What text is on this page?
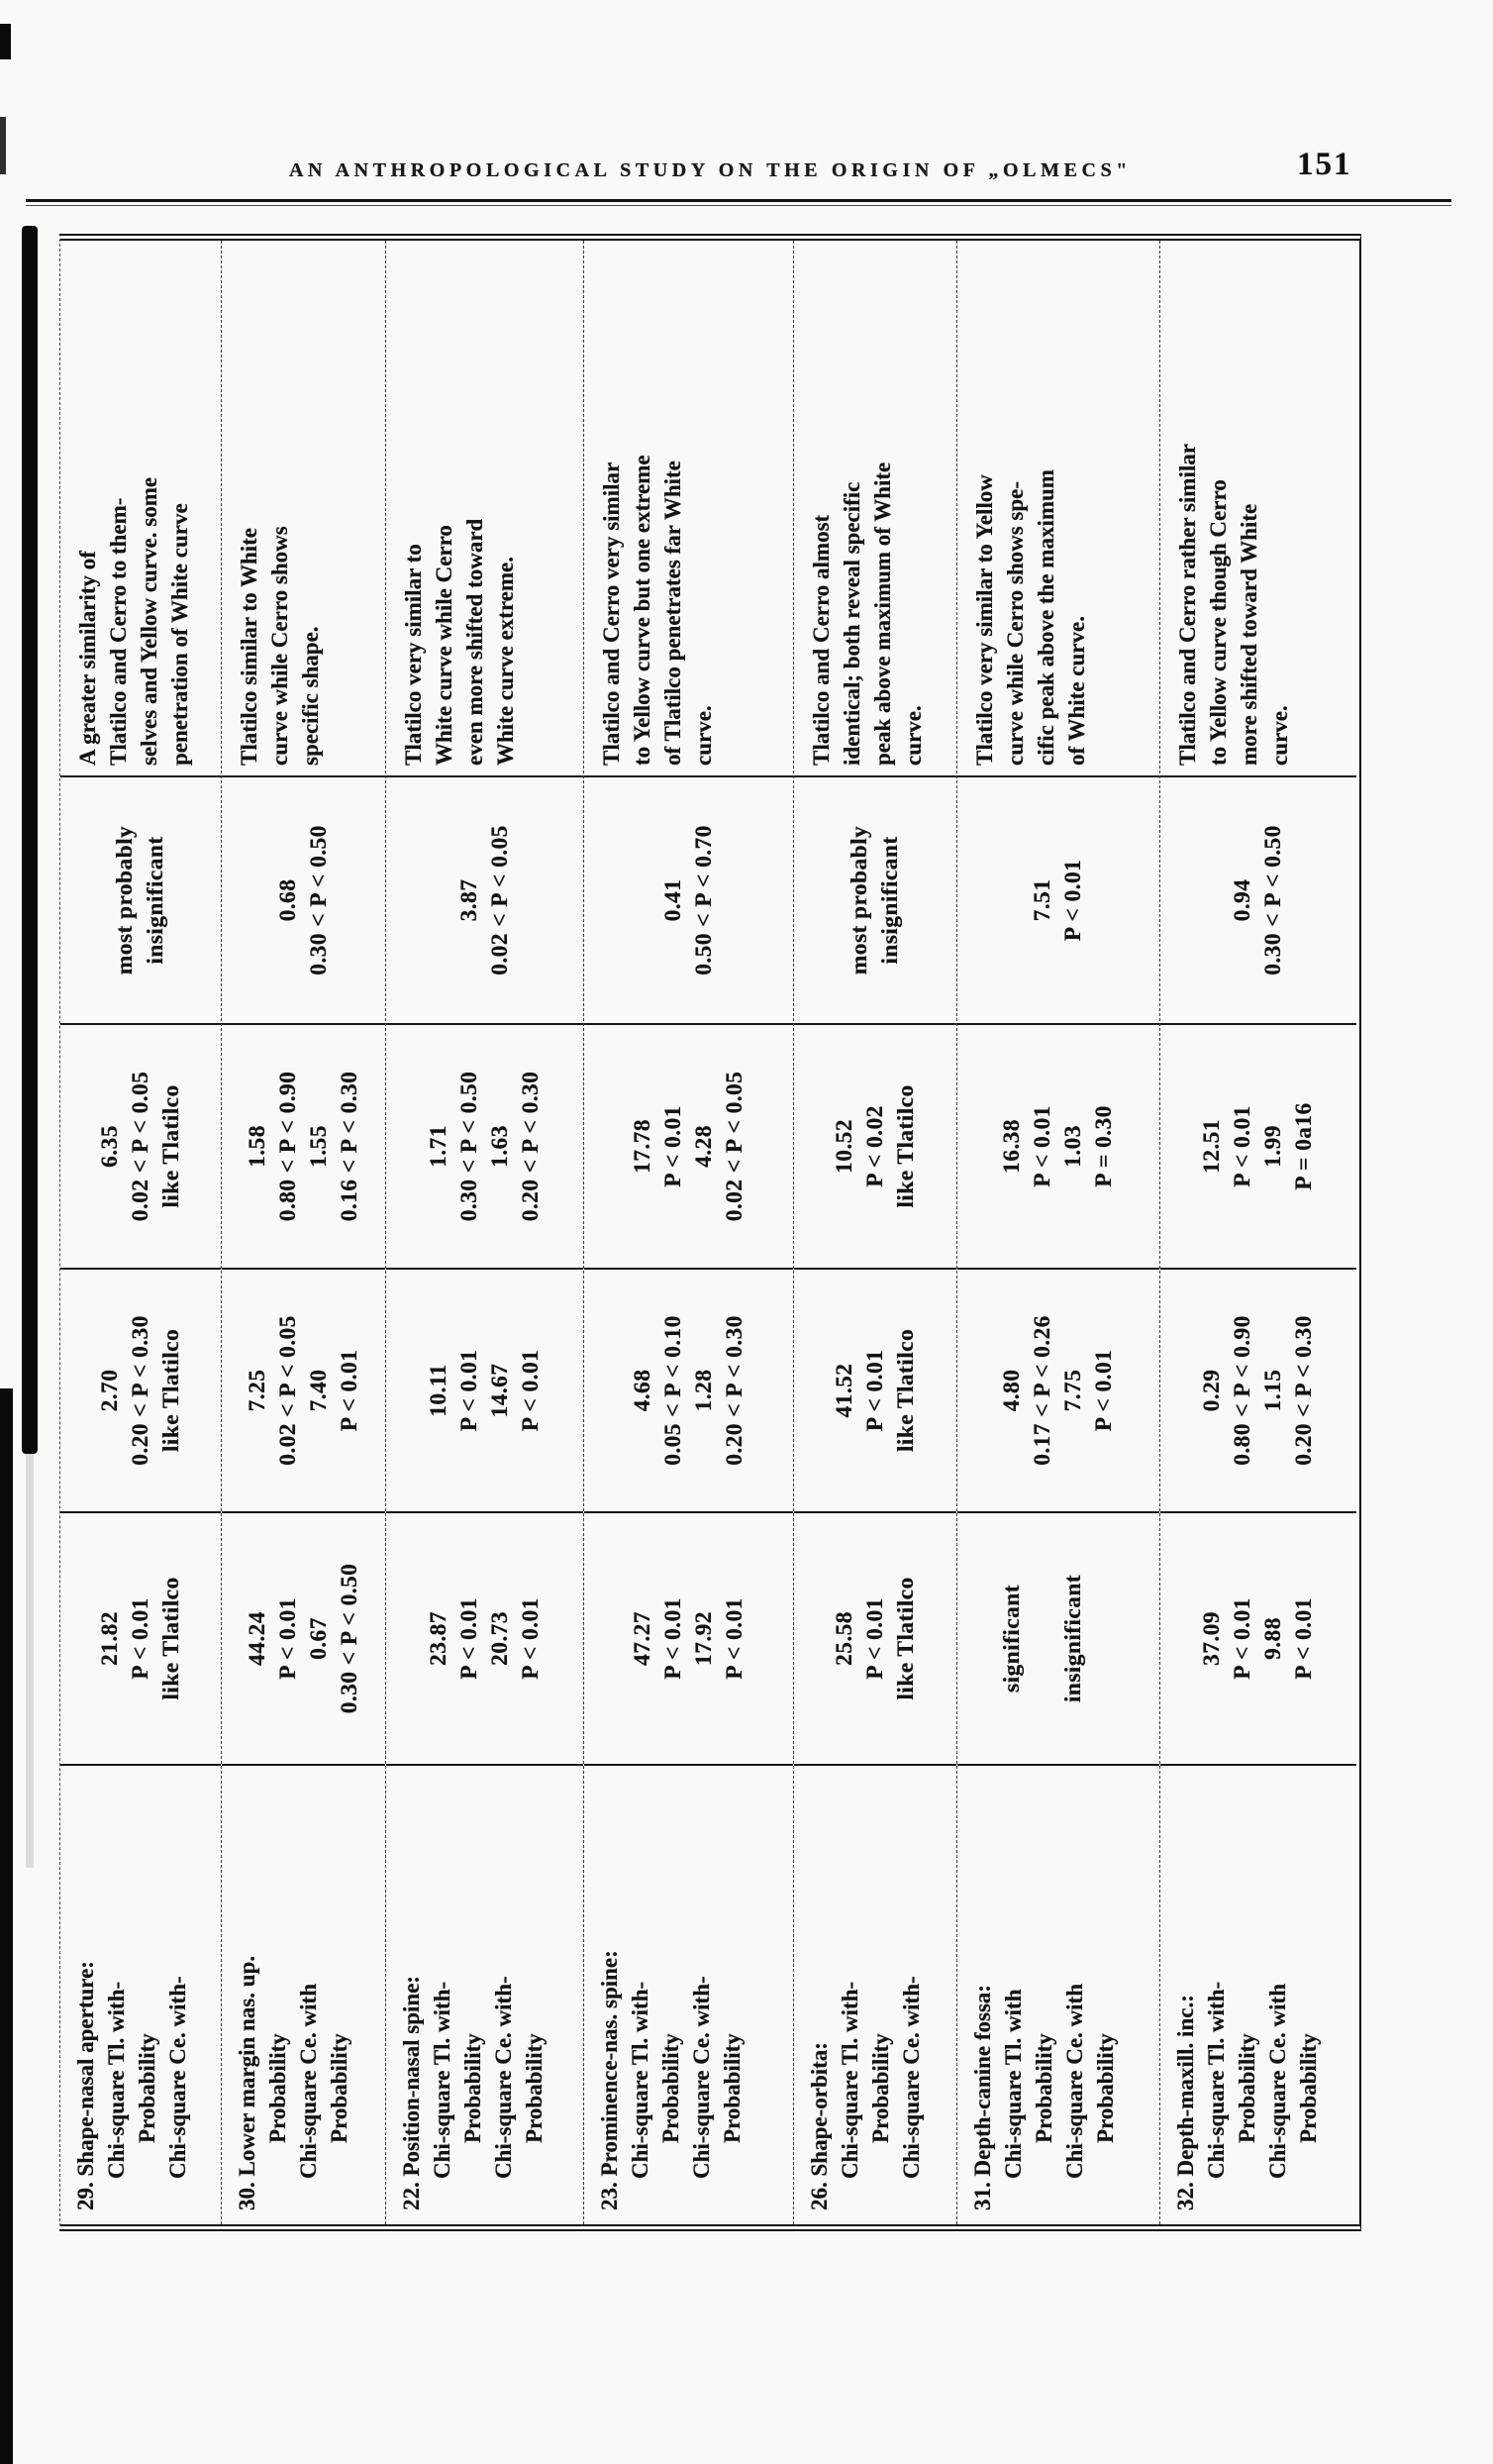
AN ANTHROPOLOGICAL STUDY ON THE ORIGIN OF „OLMECS"	151
29. Shape-nasal aperture: Chi-square Tl. with- Probability Chi-square Ce. with-
21.82 P < 0.01 like Tlatilco
2.70 0.20 < P < 0.30 like Tlatilco
6.35 0.02 < P < 0.05 like Tlatilco
most probably insignificant
A greater similarity of Tlatilco and Cerro to them- selves and Yellow curve. some penetration of White curve
30. Lower margin nas. up. Probability Chi-square Ce. with Probability
44.24 P < 0.01 0.67 0.30 < P < 0.50
7.25 0.02 < P < 0.05 7.40 P < 0.01
1.58 0.80 < P < 0.90 1.55 0.16 < P < 0.30
0.68 0.30 < P < 0.50
Tlatilco similar to White curve while Cerro shows specific shape.
22. Position-nasal spine: Chi-square Tl. with- Probability Chi-square Ce. with- Probability
23.87 P < 0.01 20.73 P < 0.01
10.11 P < 0.01 14.67 P < 0.01
1.71 0.30 < P < 0.50 1.63 0.20 < P < 0.30
3.87 0.02 < P < 0.05
Tlatilco very similar to White curve while Cerro even more shifted toward White curve extreme.
23. Prominence-nas. spine: Chi-square Tl. with- Probability Chi-square Ce. with- Probability
47.27 P < 0.01 17.92 P < 0.01
4.68 0.05 < P < 0.10 1.28 0.20 < P < 0.30
17.78 P < 0.01 4.28 0.02 < P < 0.05
0.41 0.50 < P < 0.70
Tlatilco and Cerro very similar to Yellow curve but one extreme of Tlatilco penetrates far White curve.
26. Shape-orbita: Chi-square Tl. with- Probability Chi-square Ce. with-
25.58 P < 0.01 like Tlatilco
41.52 P < 0.01 like Tlatilco
10.52 P < 0.02 like Tlatilco
most probably insignificant
Tlatilco and Cerro almost identical; both reveal specific peak above maximum of White curve.
31. Depth-canine fossa: Chi-square Tl. with Probability Chi-square Ce. with Probability
significant
insignificant

4.80 0.17 < P < 0.26 7.75 P < 0.01
16.38 P < 0.01 1.03 P = 0.30
7.51 P < 0.01
Tlatilco very similar to Yellow curve while Cerro shows spe- cific peak above the maximum of White curve.
32. Depth-maxill. inc.: Chi-square Tl. with- Probability Chi-square Ce. with Probability
37.09 P < 0.01 9.88 P < 0.01
0.29 0.80 < P < 0.90 1.15 0.20 < P < 0.30
12.51 P < 0.01 1.99 P = 0a16
0.94 0.30 < P < 0.50
Tlatilco and Cerro rather similar to Yellow curve though Cerro more shifted toward White curve.
